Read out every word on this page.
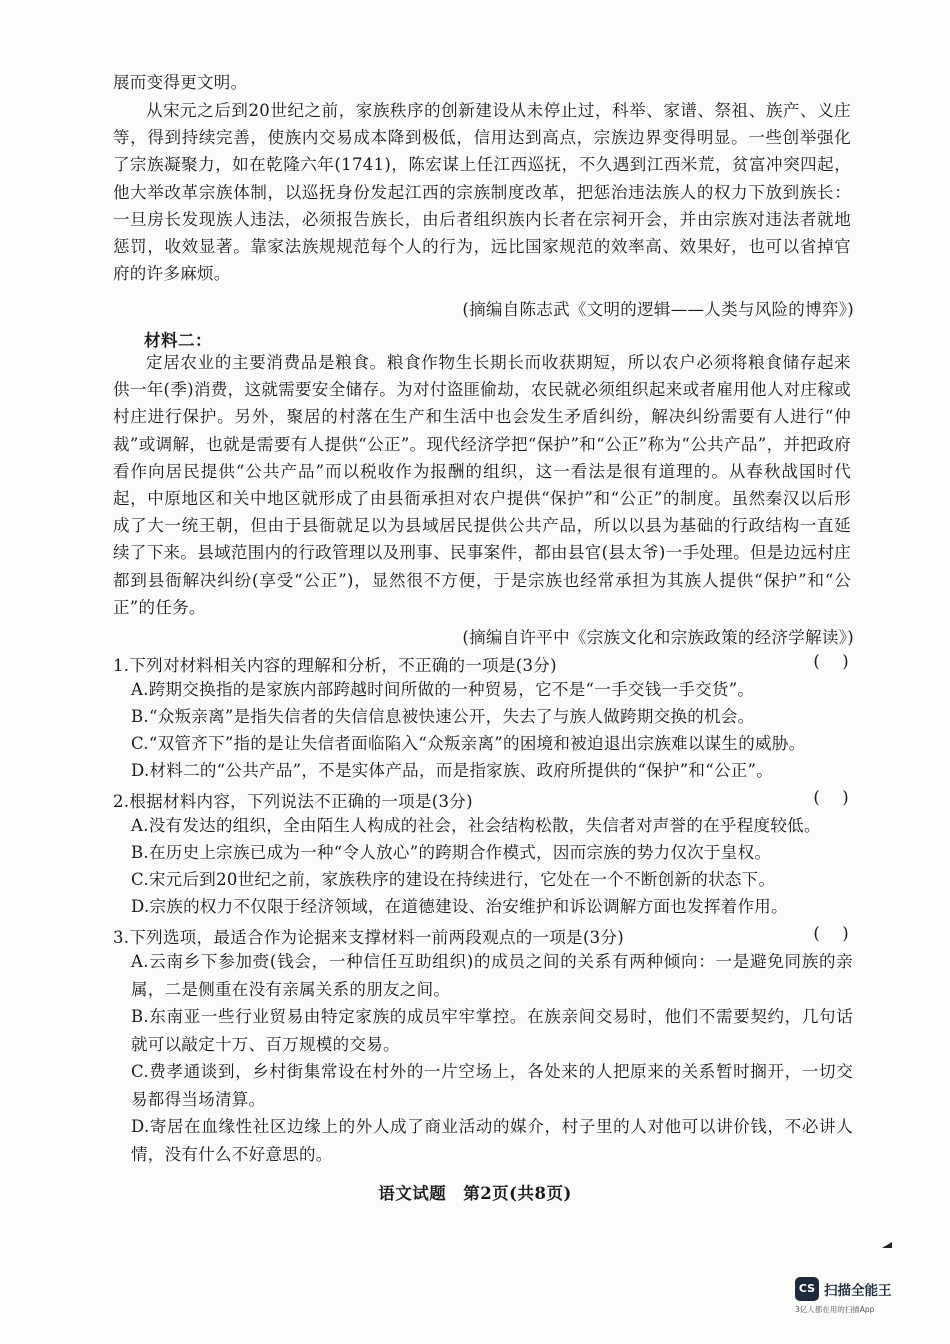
展而变得更文明。

从宋元之后到20世纪之前，家族秩序的创新建设从未停止过，科举、家谱、祭祖、族产、义庄等，得到持续完善，使族内交易成本降到极低，信用达到高点，宗族边界变得明显。一些创举强化了宗族凝聚力，如在乾隆六年(1741)，陈宏谋上任江西巡抚，不久遇到江西米荒，贫富冲突四起，他大举改革宗族体制，以巡抚身份发起江西的宗族制度改革，把惩治违法族人的权力下放到族长：一旦房长发现族人违法，必须报告族长，由后者组织族内长者在宗祠开会，并由宗族对违法者就地惩罚，收效显著。靠家法族规规范每个人的行为，远比国家规范的效率高、效果好，也可以省掉官府的许多麻烦。

(摘编自陈志武《文明的逻辑——人类与风险的博弈》)
材料二：

定居农业的主要消费品是粮食。粮食作物生长期长而收获期短，所以农户必须将粮食储存起来供一年(季)消费，这就需要安全储存。为对付盗匪偷劫，农民就必须组织起来或者雇用他人对庄稼或村庄进行保护。另外，聚居的村落在生产和生活中也会发生矛盾纠纷，解决纠纷需要有人进行“仲裁”或调解，也就是需要有人提供“公正”。现代经济学把“保护”和“公正”称为“公共产品”，并把政府看作向居民提供“公共产品”而以税收作为报酬的组织，这一看法是很有道理的。从春秋战国时代起，中原地区和关中地区就形成了由县衙承担对农户提供“保护”和“公正”的制度。虽然秦汉以后形成了大一统王朝，但由于县衙就足以为县域居民提供公共产品，所以以县为基础的行政结构一直延续了下来。县域范围内的行政管理以及刑事、民事案件，都由县官(县太爷)一手处理。但是边远村庄都到县衙解决纠纷(享受“公正”)，显然很不方便，于是宗族也经常承担为其族人提供“保护”和“公正”的任务。

(摘编自许平中《宗族文化和宗族政策的经济学解读》)
1.下列对材料相关内容的理解和分析，不正确的一项是(3分)	(    )
A.跨期交换指的是家族内部跨越时间所做的一种贸易，它不是“一手交钱一手交货”。
B.“众叛亲离”是指失信者的失信信息被快速公开，失去了与族人做跨期交换的机会。
C.“双管齐下”指的是让失信者面临陷入“众叛亲离”的困境和被迫退出宗族难以谋生的威胁。
D.材料二的“公共产品”，不是实体产品，而是指家族、政府所提供的“保护”和“公正”。
2.根据材料内容，下列说法不正确的一项是(3分)	(    )
A.没有发达的组织，全由陌生人构成的社会，社会结构松散，失信者对声誉的在乎程度较低。
B.在历史上宗族已成为一种“令人放心”的跨期合作模式，因而宗族的势力仅次于皇权。
C.宋元后到20世纪之前，家族秩序的建设在持续进行，它处在一个不断创新的状态下。
D.宗族的权力不仅限于经济领域，在道德建设、治安维护和诉讼调解方面也发挥着作用。
3.下列选项，最适合作为论据来支撑材料一前两段观点的一项是(3分)	(    )
A.云南乡下参加赍(钱会，一种信任互助组织)的成员之间的关系有两种倾向：一是避免同族的亲属，二是侧重在没有亲属关系的朋友之间。
B.东南亚一些行业贸易由特定家族的成员牢牢掌控。在族亲间交易时，他们不需要契约，几句话就可以敲定十万、百万规模的交易。
C.费孝通谈到，乡村街集常设在村外的一片空场上，各处来的人把原来的关系暂时搁开，一切交易都得当场清算。
D.寄居在血缘性社区边缘上的外人成了商业活动的媒介，村子里的人对他可以讲价钱，不必讲人情，没有什么不好意思的。
语文试题　第2页(共8页)
CS 扫描全能王
3亿人都在用的扫描App
